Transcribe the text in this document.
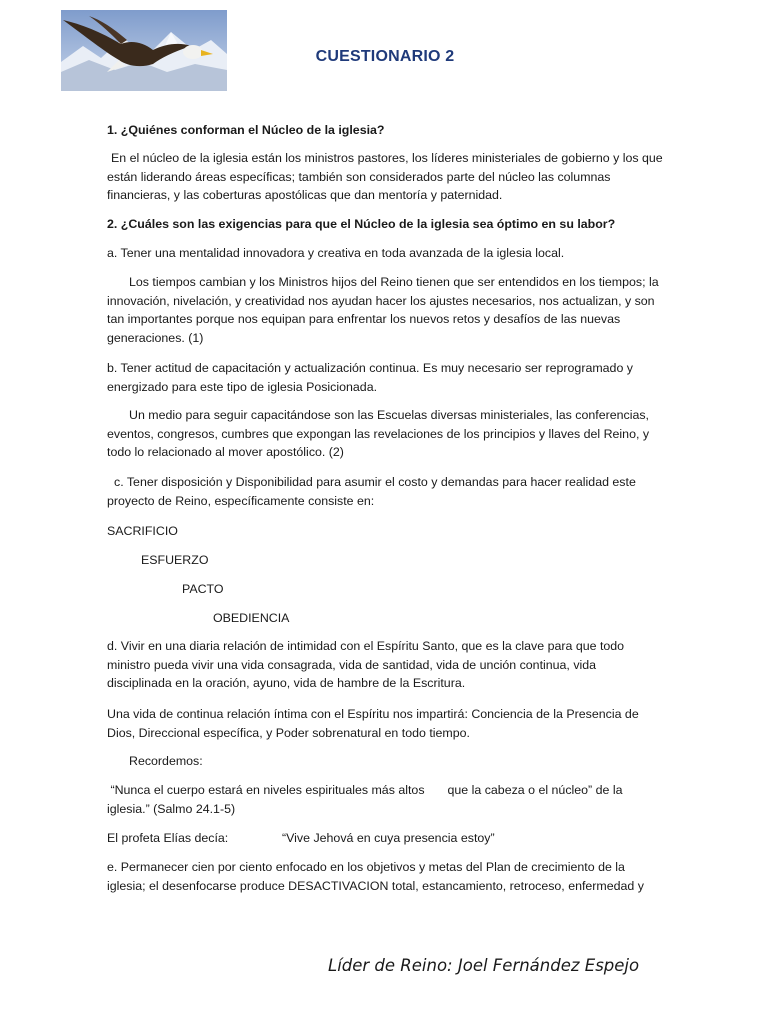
CUESTIONARIO 2

1. ¿Quiénes conforman el Núcleo de la iglesia?

En el núcleo de la iglesia están los ministros pastores, los líderes ministeriales de gobierno y los que están liderando áreas específicas; también son considerados parte del núcleo las columnas financieras, y las coberturas apostólicas que dan mentoría y paternidad.

2. ¿Cuáles son las exigencias para que el Núcleo de la iglesia sea óptimo en su labor?

a. Tener una mentalidad innovadora y creativa en toda avanzada de la iglesia local.

Los tiempos cambian y los Ministros hijos del Reino tienen que ser entendidos en los tiempos; la innovación, nivelación, y creatividad nos ayudan hacer los ajustes necesarios, nos actualizan, y son tan importantes porque nos equipan para enfrentar los nuevos retos y desafíos de las nuevas generaciones. (1)

b. Tener actitud de capacitación y actualización continua. Es muy necesario ser reprogramado y energizado para este tipo de iglesia Posicionada.

Un medio para seguir capacitándose son las Escuelas diversas ministeriales, las conferencias, eventos, congresos, cumbres que expongan las revelaciones de los principios y llaves del Reino, y todo lo relacionado al mover apostólico. (2)

c. Tener disposición y Disponibilidad para asumir el costo y demandas para hacer realidad este proyecto de Reino, específicamente consiste en:

SACRIFICIO

ESFUERZO

PACTO

OBEDIENCIA

d. Vivir en una diaria relación de intimidad con el Espíritu Santo, que es la clave para que todo ministro pueda vivir una vida consagrada, vida de santidad, vida de unción continua, vida disciplinada en la oración, ayuno, vida de hambre de la Escritura.

Una vida de continua relación íntima con el Espíritu nos impartirá: Conciencia de la Presencia de Dios, Direccional específica, y Poder sobrenatural en todo tiempo.

Recordemos:

“Nunca el cuerpo estará en niveles espirituales más altos que la cabeza o el núcleo” de la iglesia.” (Salmo 24.1-5)

El profeta Elías decía:	“Vive Jehová en cuya presencia estoy”

e. Permanecer cien por ciento enfocado en los objetivos y metas del Plan de crecimiento de la iglesia; el desenfocarse produce DESACTIVACION total, estancamiento, retroceso, enfermedad y

Líder de Reino: Joel Fernández Espejo
